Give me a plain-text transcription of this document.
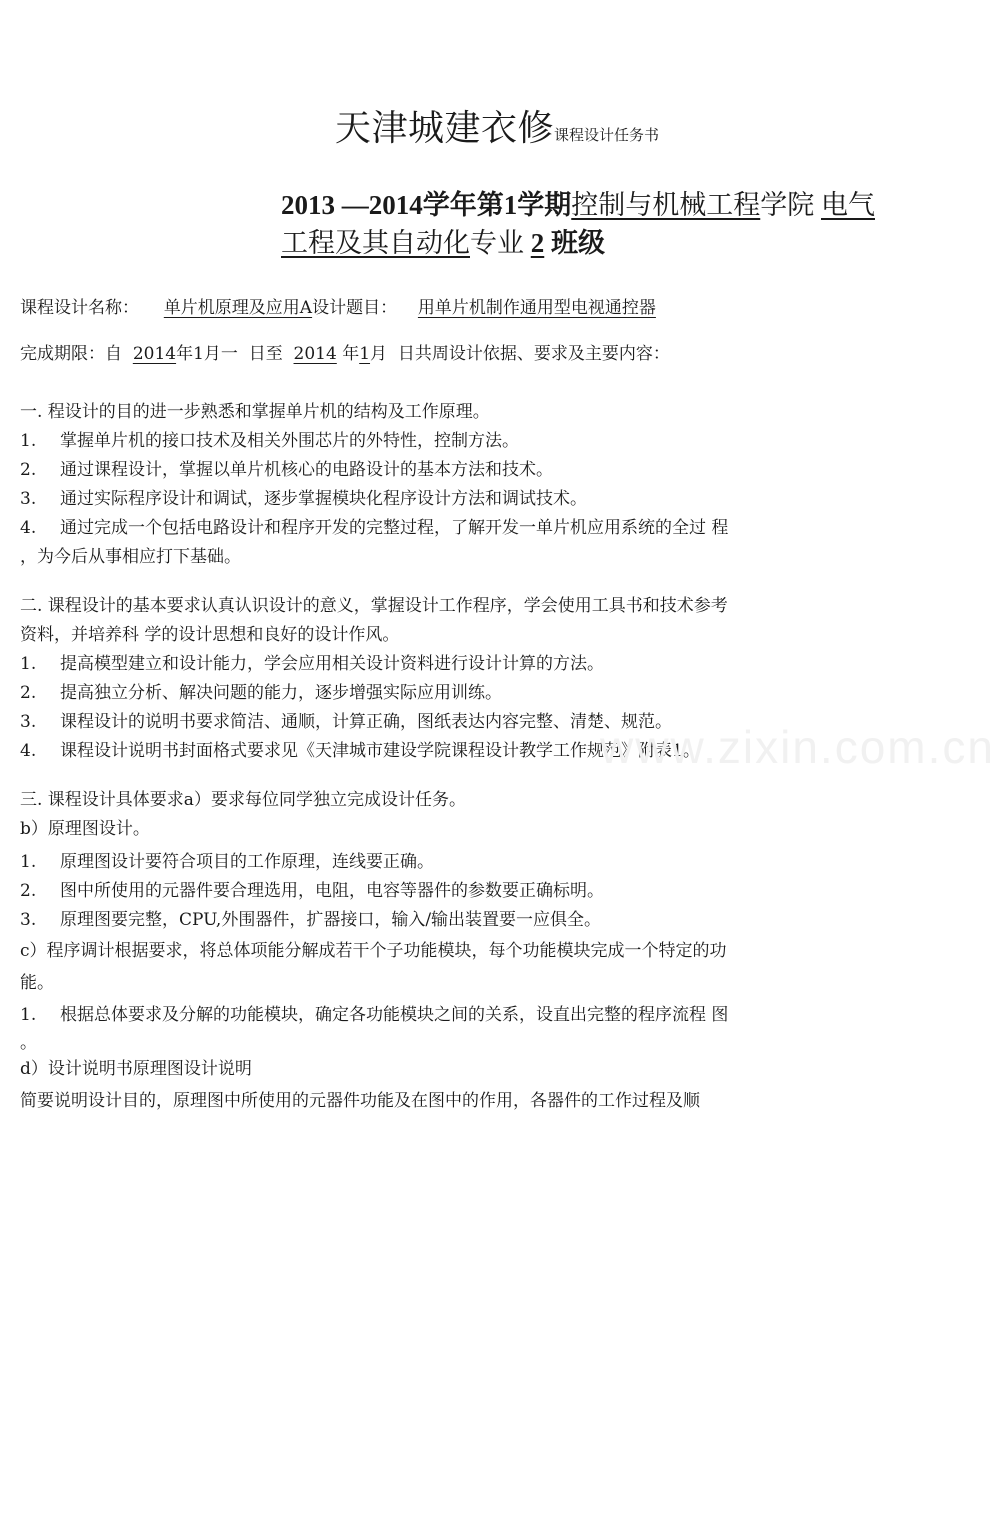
天津城建衣修课程设计任务书
2013 —2014学年第1学期控制与机械工程学院 电气
工程及其自动化专业 2 班级
课程设计名称： 单片机原理及应用A设计题目： 用单片机制作通用型电视通控器
完成期限：自 2014年1月一 日至 2014 年1月 日共周设计依据、要求及主要内容：
一. 程设计的目的进一步熟悉和掌握单片机的结构及工作原理。
1. 掌握单片机的接口技术及相关外围芯片的外特性，控制方法。
2. 通过课程设计，掌握以单片机核心的电路设计的基本方法和技术。
3. 通过实际程序设计和调试，逐步掌握模块化程序设计方法和调试技术。
4. 通过完成一个包括电路设计和程序开发的完整过程，了解开发一单片机应用系统的全过 程
，为今后从事相应打下基础。
二. 课程设计的基本要求认真认识设计的意义，掌握设计工作程序，学会使用工具书和技术参考
资料，并培养科 学的设计思想和良好的设计作风。
1. 提高模型建立和设计能力，学会应用相关设计资料进行设计计算的方法。
2. 提高独立分析、解决问题的能力，逐步增强实际应用训练。
3. 课程设计的说明书要求简洁、通顺，计算正确，图纸表达内容完整、清楚、规范。
4. 课程设计说明书封面格式要求见《天津城市建设学院课程设计教学工作规范》附表1。
三. 课程设计具体要求a）要求每位同学独立完成设计任务。
b）原理图设计。
1. 原理图设计要符合项目的工作原理，连线要正确。
2. 图中所使用的元器件要合理选用，电阻，电容等器件的参数要正确标明。
3. 原理图要完整，CPU,外围器件，扩器接口，输入/输出装置要一应俱全。
c）程序调计根据要求，将总体项能分解成若干个子功能模块，每个功能模块完成一个特定的功
能。
1. 根据总体要求及分解的功能模块，确定各功能模块之间的关系，设直出完整的程序流程 图
。
d）设计说明书原理图设计说明
简要说明设计目的，原理图中所使用的元器件功能及在图中的作用，各器件的工作过程及顺
www.zixin.com.cn
